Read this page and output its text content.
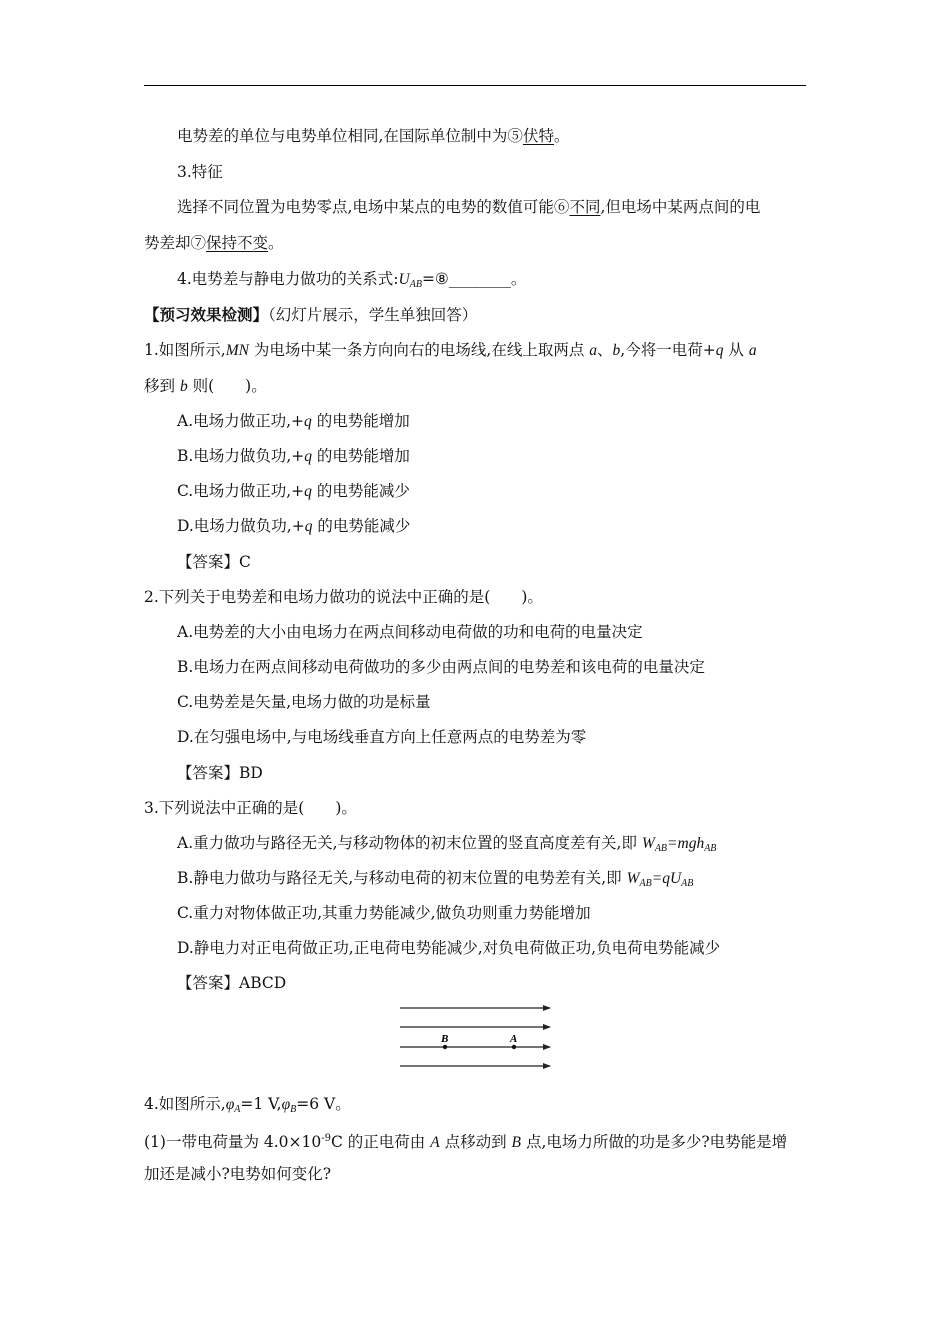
电势差的单位与电势单位相同,在国际单位制中为⑤伏特。
3.特征
选择不同位置为电势零点,电场中某点的电势的数值可能⑥不同,但电场中某两点间的电
势差却⑦保持不变。
4.电势差与静电力做功的关系式$:U_{AB}=⑧\_\_\_\_\_\_\_\_$。
【预习效果检测】（幻灯片展示，学生单独回答）
1.如图所示,MN 为电场中某一条方向向右的电场线,在线上取两点 a、b,今将一电荷+q 从 a
移到 b 则(　　)。
A.电场力做正功,+q 的电势能增加
B.电场力做负功,+q 的电势能增加
C.电场力做正功,+q 的电势能减少
D.电场力做负功,+q 的电势能减少
【答案】C
2.下列关于电势差和电场力做功的说法中正确的是(　　)。
A.电势差的大小由电场力在两点间移动电荷做的功和电荷的电量决定
B.电场力在两点间移动电荷做功的多少由两点间的电势差和该电荷的电量决定
C.电势差是矢量,电场力做的功是标量
D.在匀强电场中,与电场线垂直方向上任意两点的电势差为零
【答案】BD
3.下列说法中正确的是(　　)。
A.重力做功与路径无关,与移动物体的初末位置的竖直高度差有关,即 $W_{AB}=mgh_{AB}$
B.静电力做功与路径无关,与移动电荷的初末位置的电势差有关,即 $W_{AB}=qU_{AB}$
C.重力对物体做正功,其重力势能减少,做负功则重力势能增加
D.静电力对正电荷做正功,正电荷电势能减少,对负电荷做正功,负电荷电势能减少
【答案】ABCD
B	A
4.如图所示$,\varphi_A=1$ $V,\varphi_B=6$ V。
(1)一带电荷量为 $4.0\times 10^{-9}C$ 的正电荷由 A 点移动到 B 点,电场力所做的功是多少?电势能是增
加还是减小?电势如何变化?
